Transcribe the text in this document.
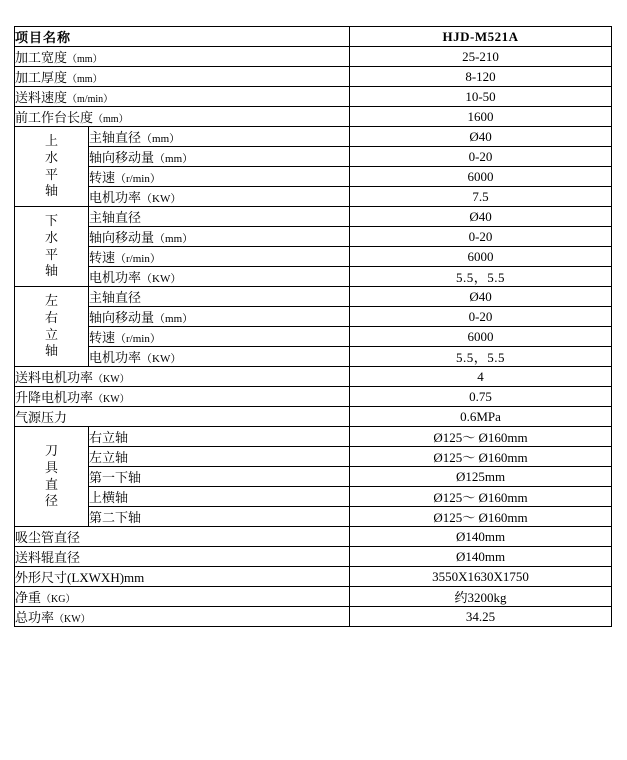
项目名称		HJD-M521A
加工宽度（mm）		25-210
加工厚度（mm）		8-120
送料速度（m/min）		10-50
前工作台长度（mm）		1600

上
水
平
轴	主轴直径（mm）	Ø40
	轴向移动量（mm）	0-20
	转速（r/min）	6000
	电机功率（KW）	7.5

下
水
平
轴	主轴直径	Ø40
	轴向移动量（mm）	0-20
	转速（r/min）	6000
	电机功率（KW）	5.5，5.5

左
右
立
轴	主轴直径	Ø40
	轴向移动量（mm）	0-20
	转速（r/min）	6000
	电机功率（KW）	5.5，5.5
送料电机功率（KW）		4
升降电机功率（KW）		0.75
气源压力		0.6MPa

刀
具
直
径	右立轴	Ø125～ Ø160mm
	左立轴	Ø125～ Ø160mm
	第一下轴	Ø125mm
	上横轴	Ø125～ Ø160mm
	第二下轴	Ø125～ Ø160mm
吸尘管直径		Ø140mm
送料辊直径		Ø140mm
外形尺寸(LXWXH)mm		3550X1630X1750
净重（KG）		约3200kg
总功率（KW）		34.25
